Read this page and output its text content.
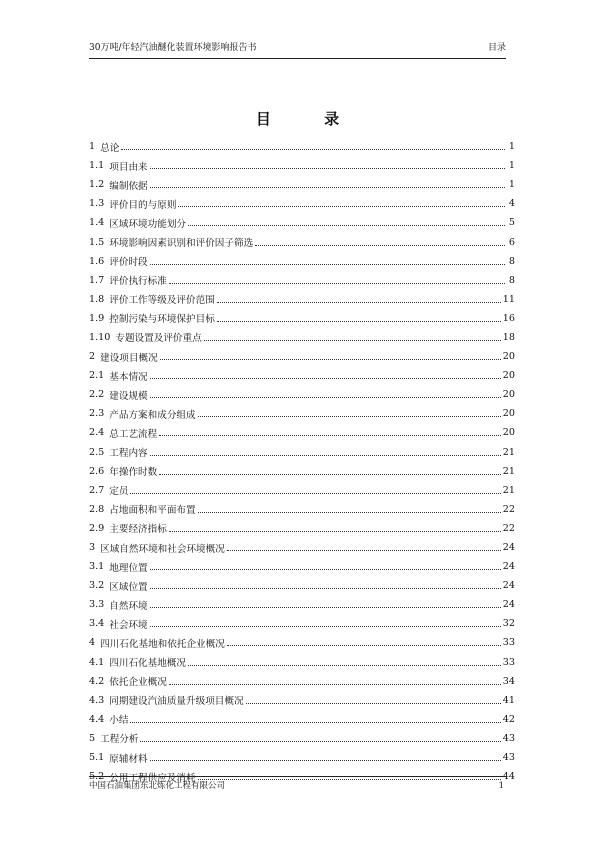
30万吨/年轻汽油醚化装置环境影响报告书	目录
目 录
1 总论	1
1.1 项目由来	1
1.2 编制依据	1
1.3 评价目的与原则	4
1.4 区域环境功能划分	5
1.5 环境影响因素识别和评价因子筛选	6
1.6 评价时段	8
1.7 评价执行标准	8
1.8 评价工作等级及评价范围	11
1.9 控制污染与环境保护目标	16
1.10 专题设置及评价重点	18
2 建设项目概况	20
2.1 基本情况	20
2.2 建设规模	20
2.3 产品方案和成分组成	20
2.4 总工艺流程	20
2.5 工程内容	21
2.6 年操作时数	21
2.7 定员	21
2.8 占地面积和平面布置	22
2.9 主要经济指标	22
3 区域自然环境和社会环境概况	24
3.1 地理位置	24
3.2 区域位置	24
3.3 自然环境	24
3.4 社会环境	32
4 四川石化基地和依托企业概况	33
4.1 四川石化基地概况	33
4.2 依托企业概况	34
4.3 同期建设汽油质量升级项目概况	41
4.4 小结	42
5 工程分析	43
5.1 原辅材料	43
5.2 公用工程供应及消耗	44
中国石油集团东北炼化工程有限公司	1
